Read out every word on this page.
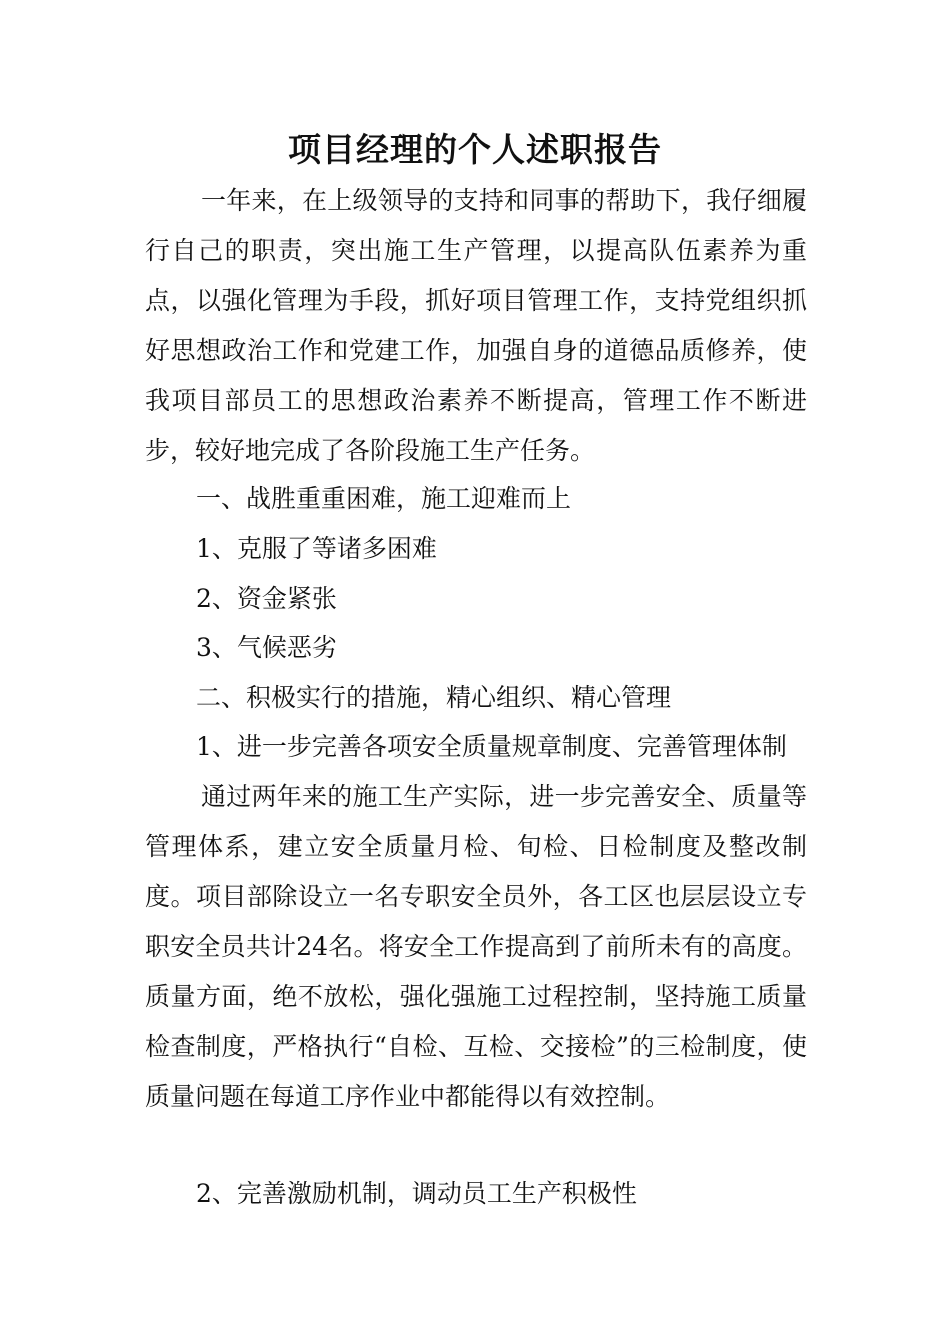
项目经理的个人述职报告

一年来，在上级领导的支持和同事的帮助下，我仔细履行自己的职责，突出施工生产管理，以提高队伍素养为重点，以强化管理为手段，抓好项目管理工作，支持党组织抓好思想政治工作和党建工作，加强自身的道德品质修养，使我项目部员工的思想政治素养不断提高，管理工作不断进步，较好地完成了各阶段施工生产任务。

一、战胜重重困难，施工迎难而上

1、克服了等诸多困难

2、资金紧张

3、气候恶劣

二、积极实行的措施，精心组织、精心管理

1、进一步完善各项安全质量规章制度、完善管理体制

通过两年来的施工生产实际，进一步完善安全、质量等管理体系，建立安全质量月检、旬检、日检制度及整改制度。项目部除设立一名专职安全员外，各工区也层层设立专职安全员共计24名。将安全工作提高到了前所未有的高度。质量方面，绝不放松，强化强施工过程控制，坚持施工质量检查制度，严格执行“自检、互检、交接检”的三检制度，使质量问题在每道工序作业中都能得以有效控制。

2、完善激励机制，调动员工生产积极性
